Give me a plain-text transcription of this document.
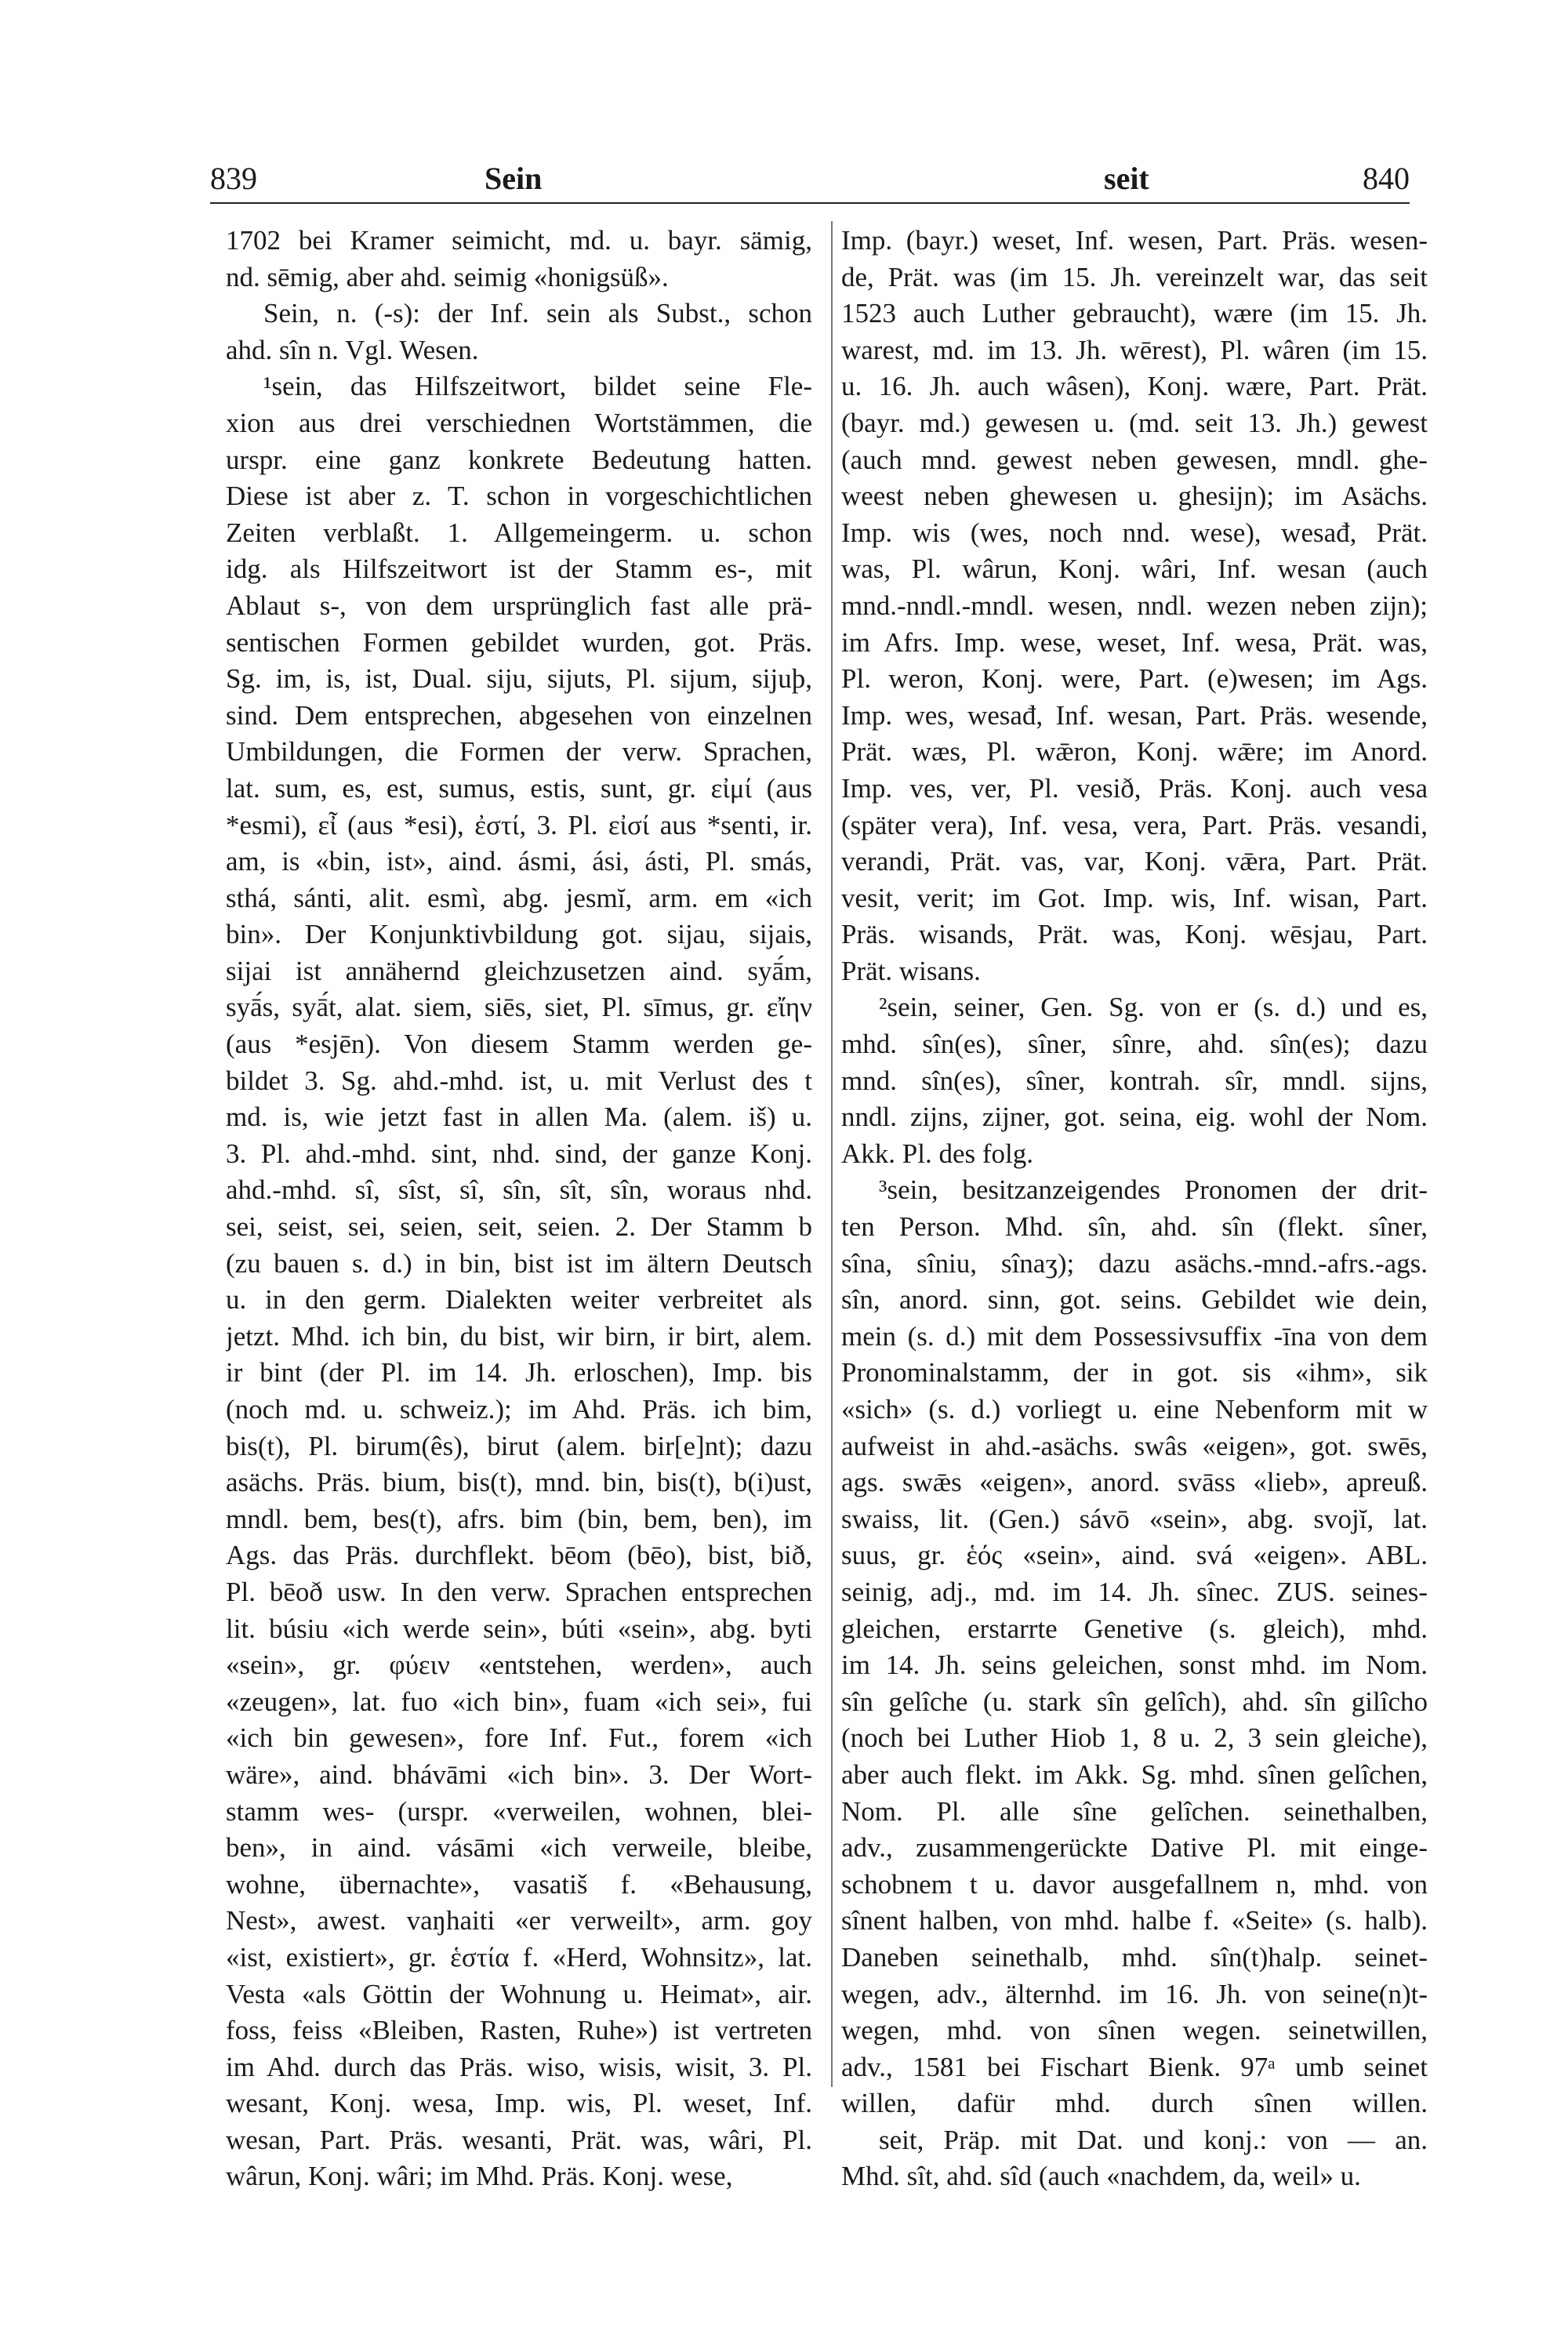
839	Sein	seit	840
1702 bei Kramer seimicht, md. u. bayr. sämig,
nd. sēmig, aber ahd. seimig «honigsüß».
Sein, n. (-s): der Inf. sein als Subst., schon
ahd. sîn n. Vgl. Wesen.
¹sein, das Hilfszeitwort, bildet seine Fle-
xion aus drei verschiednen Wortstämmen, die
urspr. eine ganz konkrete Bedeutung hatten.
Diese ist aber z. T. schon in vorgeschichtlichen
Zeiten verblaßt. 1. Allgemeingerm. u. schon
idg. als Hilfszeitwort ist der Stamm es-, mit
Ablaut s-, von dem ursprünglich fast alle prä-
sentischen Formen gebildet wurden, got. Präs.
Sg. im, is, ist, Dual. siju, sijuts, Pl. sijum, sijuþ,
sind. Dem entsprechen, abgesehen von einzelnen
Umbildungen, die Formen der verw. Sprachen,
lat. sum, es, est, sumus, estis, sunt, gr. εἰμί (aus
*esmi), εἶ (aus *esi), ἐστί, 3. Pl. εἰσί aus *senti, ir.
am, is «bin, ist», aind. ásmi, ási, ásti, Pl. smás,
sthá, sánti, alit. esmì, abg. jesmĭ, arm. em «ich
bin». Der Konjunktivbildung got. sijau, sijais,
sijai ist annähernd gleichzusetzen aind. syā́m,
syā́s, syā́t, alat. siem, siēs, siet, Pl. sīmus, gr. εἴην
(aus *esjēn). Von diesem Stamm werden ge-
bildet 3. Sg. ahd.-mhd. ist, u. mit Verlust des t
md. is, wie jetzt fast in allen Ma. (alem. iš) u.
3. Pl. ahd.-mhd. sint, nhd. sind, der ganze Konj.
ahd.-mhd. sî, sîst, sî, sîn, sît, sîn, woraus nhd.
sei, seist, sei, seien, seit, seien. 2. Der Stamm b
(zu bauen s. d.) in bin, bist ist im ältern Deutsch
u. in den germ. Dialekten weiter verbreitet als
jetzt. Mhd. ich bin, du bist, wir birn, ir birt, alem.
ir bint (der Pl. im 14. Jh. erloschen), Imp. bis
(noch md. u. schweiz.); im Ahd. Präs. ich bim,
bis(t), Pl. birum(ês), birut (alem. bir[e]nt); dazu
asächs. Präs. bium, bis(t), mnd. bin, bis(t), b(i)ust,
mndl. bem, bes(t), afrs. bim (bin, bem, ben), im
Ags. das Präs. durchflekt. bēom (bēo), bist, bið,
Pl. bēoð usw. In den verw. Sprachen entsprechen
lit. búsiu «ich werde sein», búti «sein», abg. byti
«sein», gr. φύειν «entstehen, werden», auch
«zeugen», lat. fuo «ich bin», fuam «ich sei», fui
«ich bin gewesen», fore Inf. Fut., forem «ich
wäre», aind. bhávāmi «ich bin». 3. Der Wort-
stamm wes- (urspr. «verweilen, wohnen, blei-
ben», in aind. vásāmi «ich verweile, bleibe,
wohne, übernachte», vasatiš f. «Behausung,
Nest», awest. vaŋhaiti «er verweilt», arm. goy
«ist, existiert», gr. ἑστία f. «Herd, Wohnsitz», lat.
Vesta «als Göttin der Wohnung u. Heimat», air.
foss, feiss «Bleiben, Rasten, Ruhe») ist vertreten
im Ahd. durch das Präs. wiso, wisis, wisit, 3. Pl.
wesant, Konj. wesa, Imp. wis, Pl. weset, Inf.
wesan, Part. Präs. wesanti, Prät. was, wâri, Pl.
wârun, Konj. wâri; im Mhd. Präs. Konj. wese,
Imp. (bayr.) weset, Inf. wesen, Part. Präs. wesen-
de, Prät. was (im 15. Jh. vereinzelt war, das seit
1523 auch Luther gebraucht), wære (im 15. Jh.
warest, md. im 13. Jh. wērest), Pl. wâren (im 15.
u. 16. Jh. auch wâsen), Konj. wære, Part. Prät.
(bayr. md.) gewesen u. (md. seit 13. Jh.) gewest
(auch mnd. gewest neben gewesen, mndl. ghe-
weest neben ghewesen u. ghesijn); im Asächs.
Imp. wis (wes, noch nnd. wese), wesađ, Prät.
was, Pl. wârun, Konj. wâri, Inf. wesan (auch
mnd.-nndl.-mndl. wesen, nndl. wezen neben zijn);
im Afrs. Imp. wese, weset, Inf. wesa, Prät. was,
Pl. weron, Konj. were, Part. (e)wesen; im Ags.
Imp. wes, wesađ, Inf. wesan, Part. Präs. wesende,
Prät. wæs, Pl. wǣron, Konj. wǣre; im Anord.
Imp. ves, ver, Pl. vesið, Präs. Konj. auch vesa
(später vera), Inf. vesa, vera, Part. Präs. vesandi,
verandi, Prät. vas, var, Konj. vǣra, Part. Prät.
vesit, verit; im Got. Imp. wis, Inf. wisan, Part.
Präs. wisands, Prät. was, Konj. wēsjau, Part.
Prät. wisans.
²sein, seiner, Gen. Sg. von er (s. d.) und es,
mhd. sîn(es), sîner, sînre, ahd. sîn(es); dazu
mnd. sîn(es), sîner, kontrah. sîr, mndl. sijns,
nndl. zijns, zijner, got. seina, eig. wohl der Nom.
Akk. Pl. des folg.
³sein, besitzanzeigendes Pronomen der drit-
ten Person. Mhd. sîn, ahd. sîn (flekt. sîner,
sîna, sîniu, sînaʒ); dazu asächs.-mnd.-afrs.-ags.
sîn, anord. sinn, got. seins. Gebildet wie dein,
mein (s. d.) mit dem Possessivsuffix -īna von dem
Pronominalstamm, der in got. sis «ihm», sik
«sich» (s. d.) vorliegt u. eine Nebenform mit w
aufweist in ahd.-asächs. swâs «eigen», got. swēs,
ags. swǣs «eigen», anord. svāss «lieb», apreuß.
swaiss, lit. (Gen.) sávō «sein», abg. svojĭ, lat.
suus, gr. ἑός «sein», aind. svá «eigen». ABL.
seinig, adj., md. im 14. Jh. sînec. ZUS. seines-
gleichen, erstarrte Genetive (s. gleich), mhd.
im 14. Jh. seins geleichen, sonst mhd. im Nom.
sîn gelîche (u. stark sîn gelîch), ahd. sîn gilîcho
(noch bei Luther Hiob 1, 8 u. 2, 3 sein gleiche),
aber auch flekt. im Akk. Sg. mhd. sînen gelîchen,
Nom. Pl. alle sîne gelîchen. seinethalben,
adv., zusammengerückte Dative Pl. mit einge-
schobnem t u. davor ausgefallnem n, mhd. von
sînent halben, von mhd. halbe f. «Seite» (s. halb).
Daneben seinethalb, mhd. sîn(t)halp. seinet-
wegen, adv., älternhd. im 16. Jh. von seine(n)t-
wegen, mhd. von sînen wegen. seinetwillen,
adv., 1581 bei Fischart Bienk. 97ᵃ umb seinet
willen, dafür mhd. durch sînen willen.
seit, Präp. mit Dat. und konj.: von — an.
Mhd. sît, ahd. sîd (auch «nachdem, da, weil» u.
